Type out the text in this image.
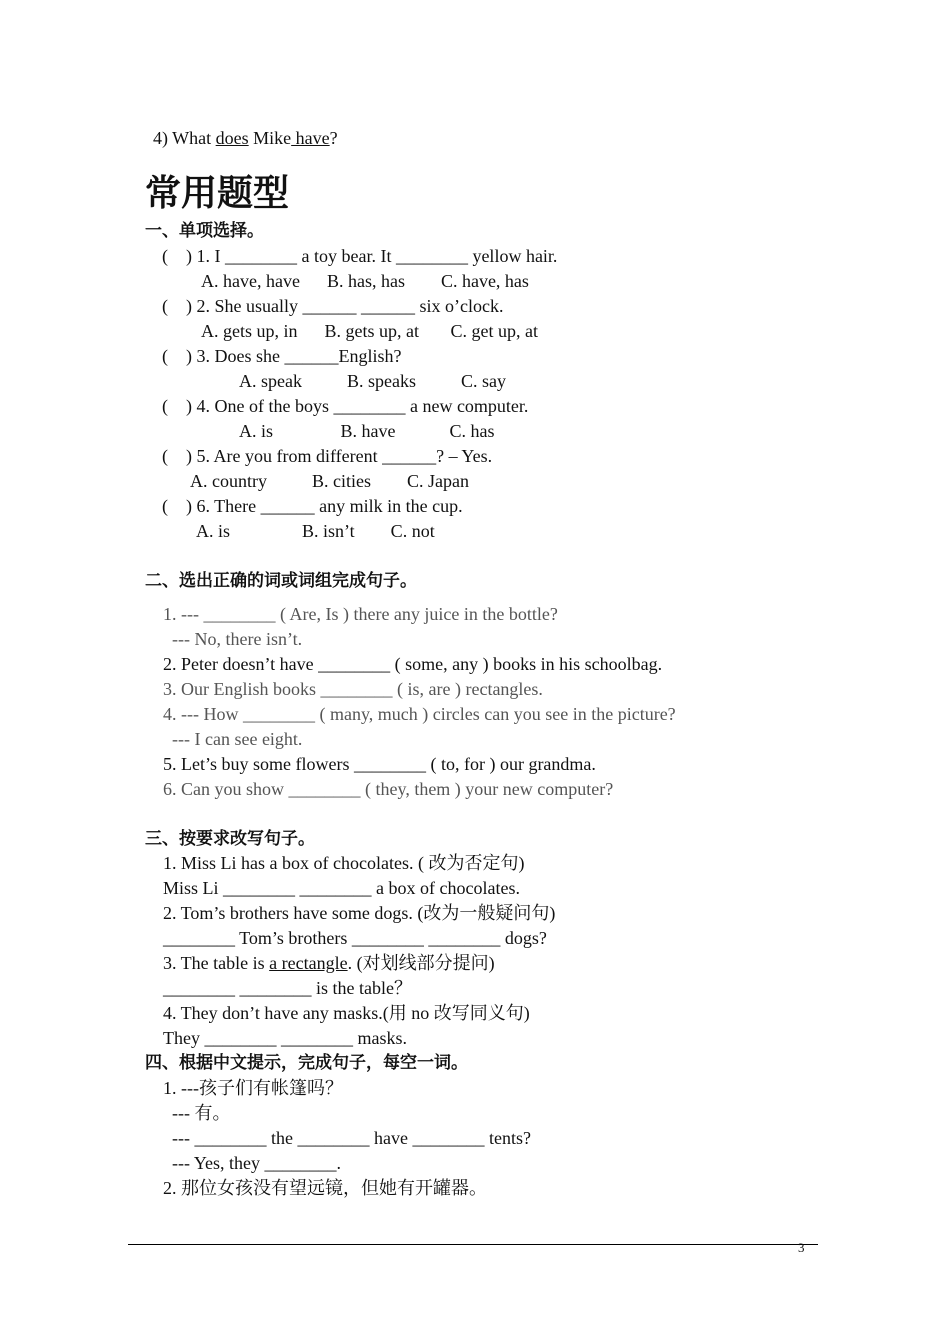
4) What does Mike have?
常用题型
一、单项选择。
(    ) 1. I ________ a toy bear. It ________ yellow hair.
A. have, have      B. has, has        C. have, has
(    ) 2. She usually ______ ______ six o’clock.
A. gets up, in      B. gets up, at       C. get up, at
(    ) 3. Does she ______English?
A. speak          B. speaks          C. say
(    ) 4. One of the boys ________ a new computer.
A. is               B. have            C. has
(    ) 5. Are you from different ______? – Yes.
A. country          B. cities        C. Japan
(    ) 6. There ______ any milk in the cup.
A. is                B. isn’t        C. not
二、选出正确的词或词组完成句子。
1. --- ________ ( Are, Is ) there any juice in the bottle?
--- No, there isn’t.
2. Peter doesn’t have ________ ( some, any ) books in his schoolbag.
3. Our English books ________ ( is, are ) rectangles.
4. --- How ________ ( many, much ) circles can you see in the picture?
--- I can see eight.
5. Let’s buy some flowers ________ ( to, for ) our grandma.
6. Can you show ________ ( they, them ) your new computer?
三、按要求改写句子。
1. Miss Li has a box of chocolates. ( 改为否定句)
Miss Li ________ ________ a box of chocolates.
2. Tom’s brothers have some dogs. (改为一般疑问句)
________ Tom’s brothers ________ ________ dogs?
3. The table is a rectangle. (对划线部分提问)
________ ________ is the table？
4. They don’t have any masks.(用 no 改写同义句)
They ________ ________ masks.
四、根据中文提示，完成句子，每空一词。
1. ---孩子们有帐篷吗？
--- 有。
--- ________ the ________ have ________ tents?
--- Yes, they ________.
2. 那位女孩没有望远镜，但她有开罐器。
3
